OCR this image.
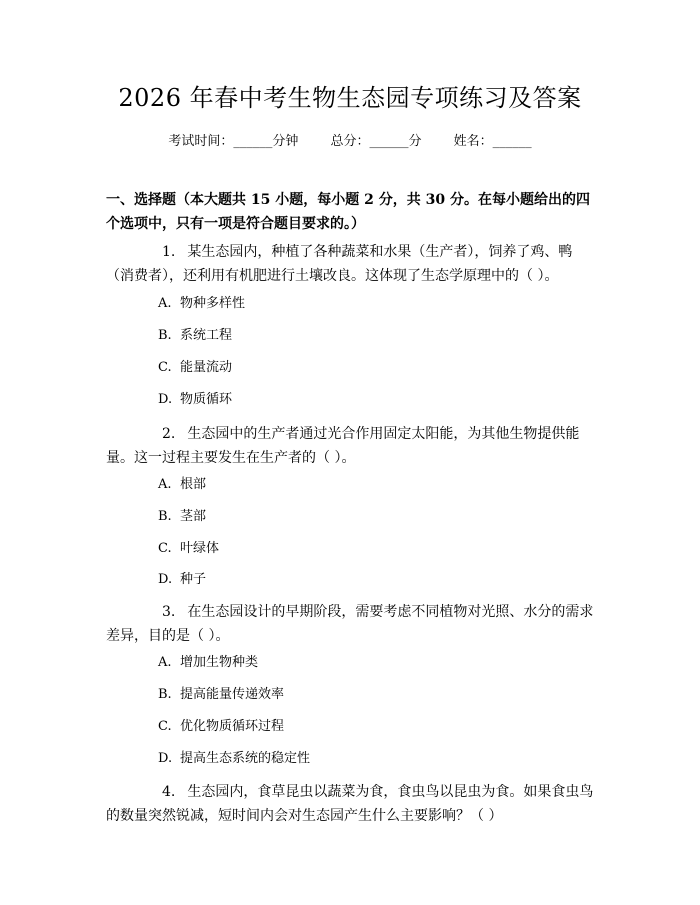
2026 年春中考生物生态园专项练习及答案
考试时间：______分钟 总分：______分 姓名：______
一、选择题（本大题共 15 小题，每小题 2 分，共 30 分。在每小题给出的四个选项中，只有一项是符合题目要求的。）
1. 某生态园内，种植了各种蔬菜和水果（生产者），饲养了鸡、鸭（消费者），还利用有机肥进行土壤改良。这体现了生态学原理中的（ ）。
A. 物种多样性
B. 系统工程
C. 能量流动
D. 物质循环
2. 生态园中的生产者通过光合作用固定太阳能，为其他生物提供能量。这一过程主要发生在生产者的（ ）。
A. 根部
B. 茎部
C. 叶绿体
D. 种子
3. 在生态园设计的早期阶段，需要考虑不同植物对光照、水分的需求差异，目的是（ ）。
A. 增加生物种类
B. 提高能量传递效率
C. 优化物质循环过程
D. 提高生态系统的稳定性
4. 生态园内，食草昆虫以蔬菜为食，食虫鸟以昆虫为食。如果食虫鸟的数量突然锐减，短时间内会对生态园产生什么主要影响？（ ）
